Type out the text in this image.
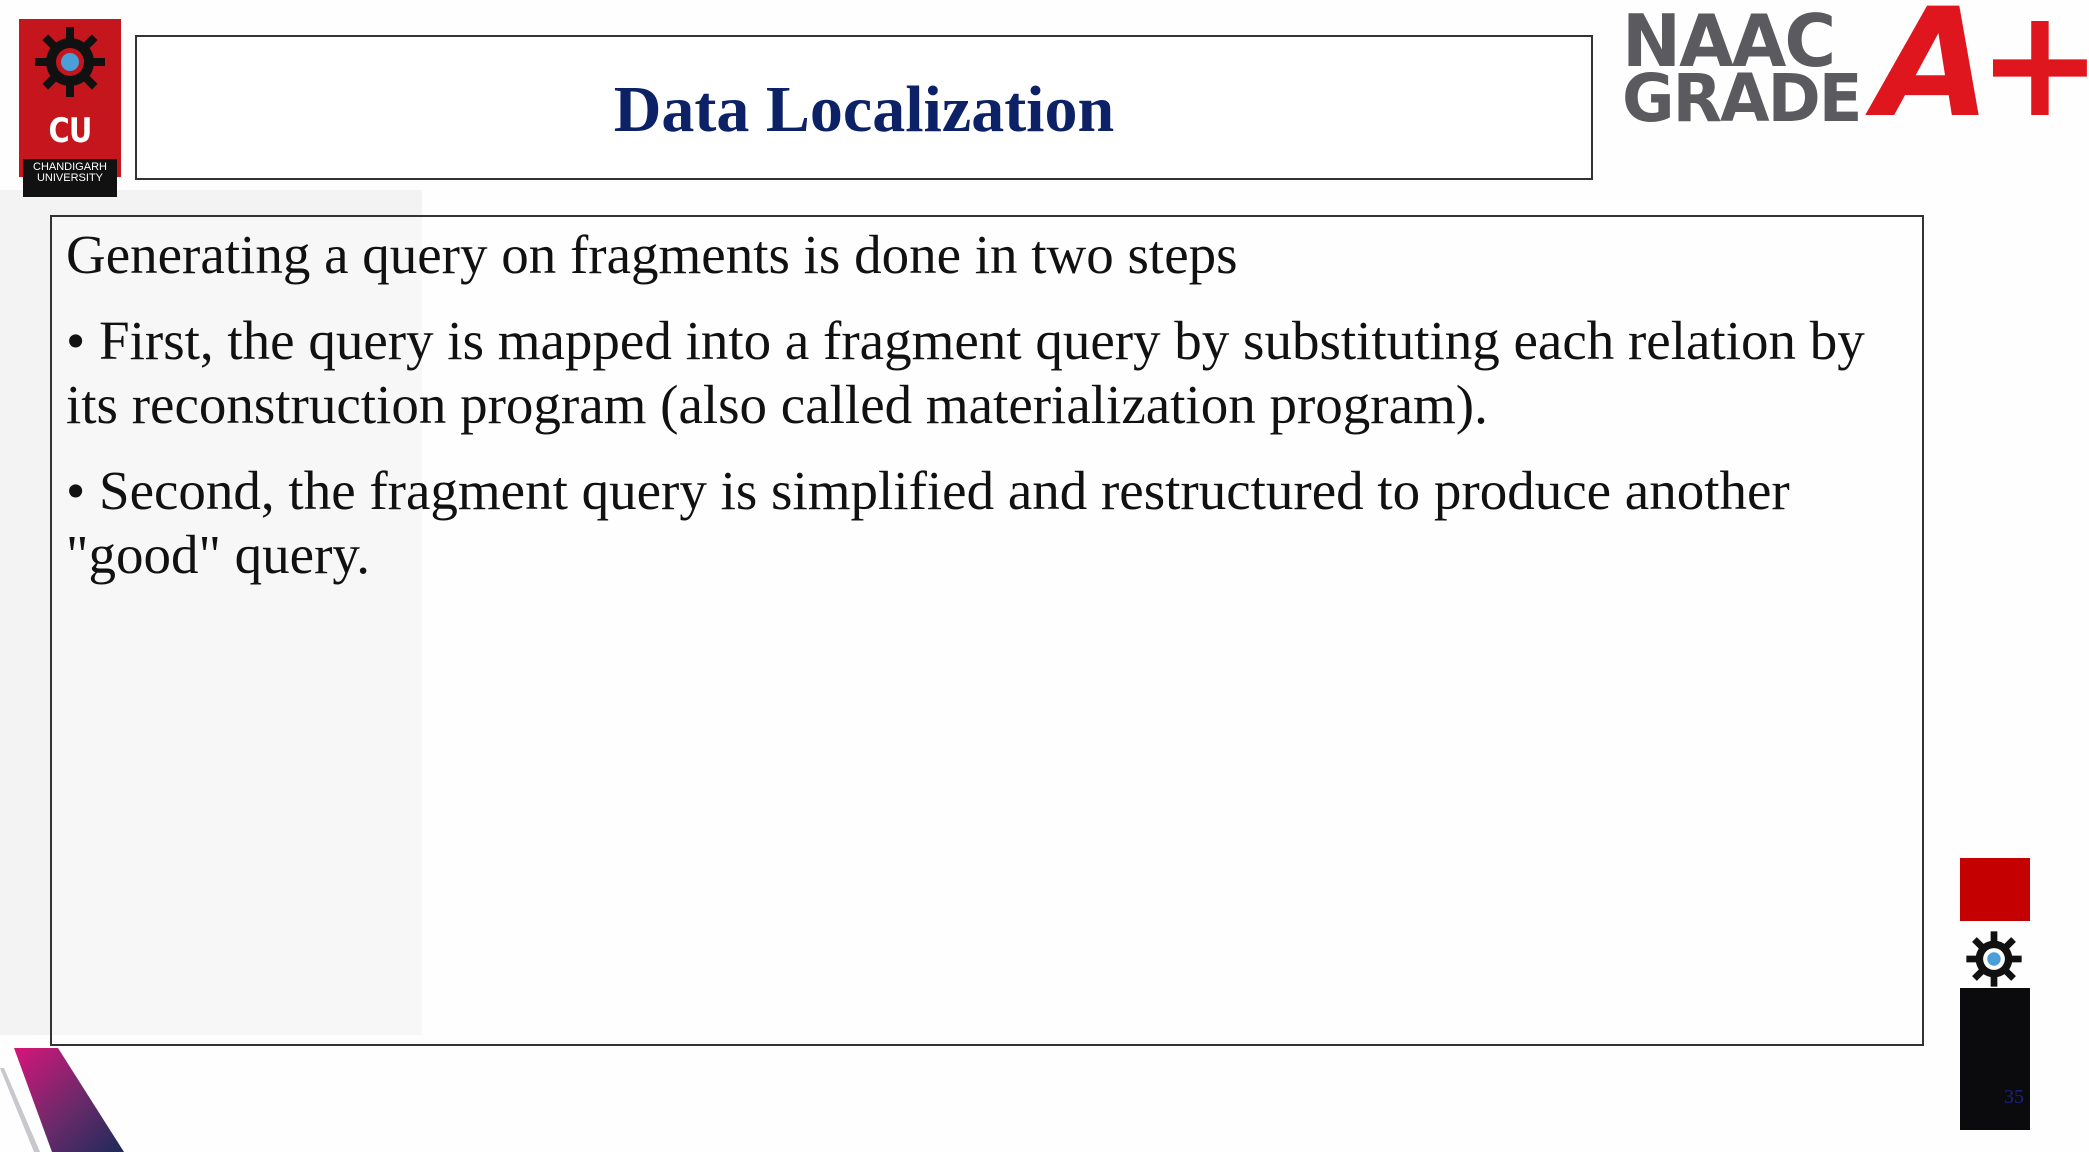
CU
CHANDIGARH
UNIVERSITY
Data Localization
NAAC
GRADE A+

Generating a query on fragments is done in two steps

• First, the query is mapped into a fragment query by substituting each relation by its reconstruction program (also called materialization program).

• Second, the fragment query is simplified and restructured to produce another "good" query.

35
